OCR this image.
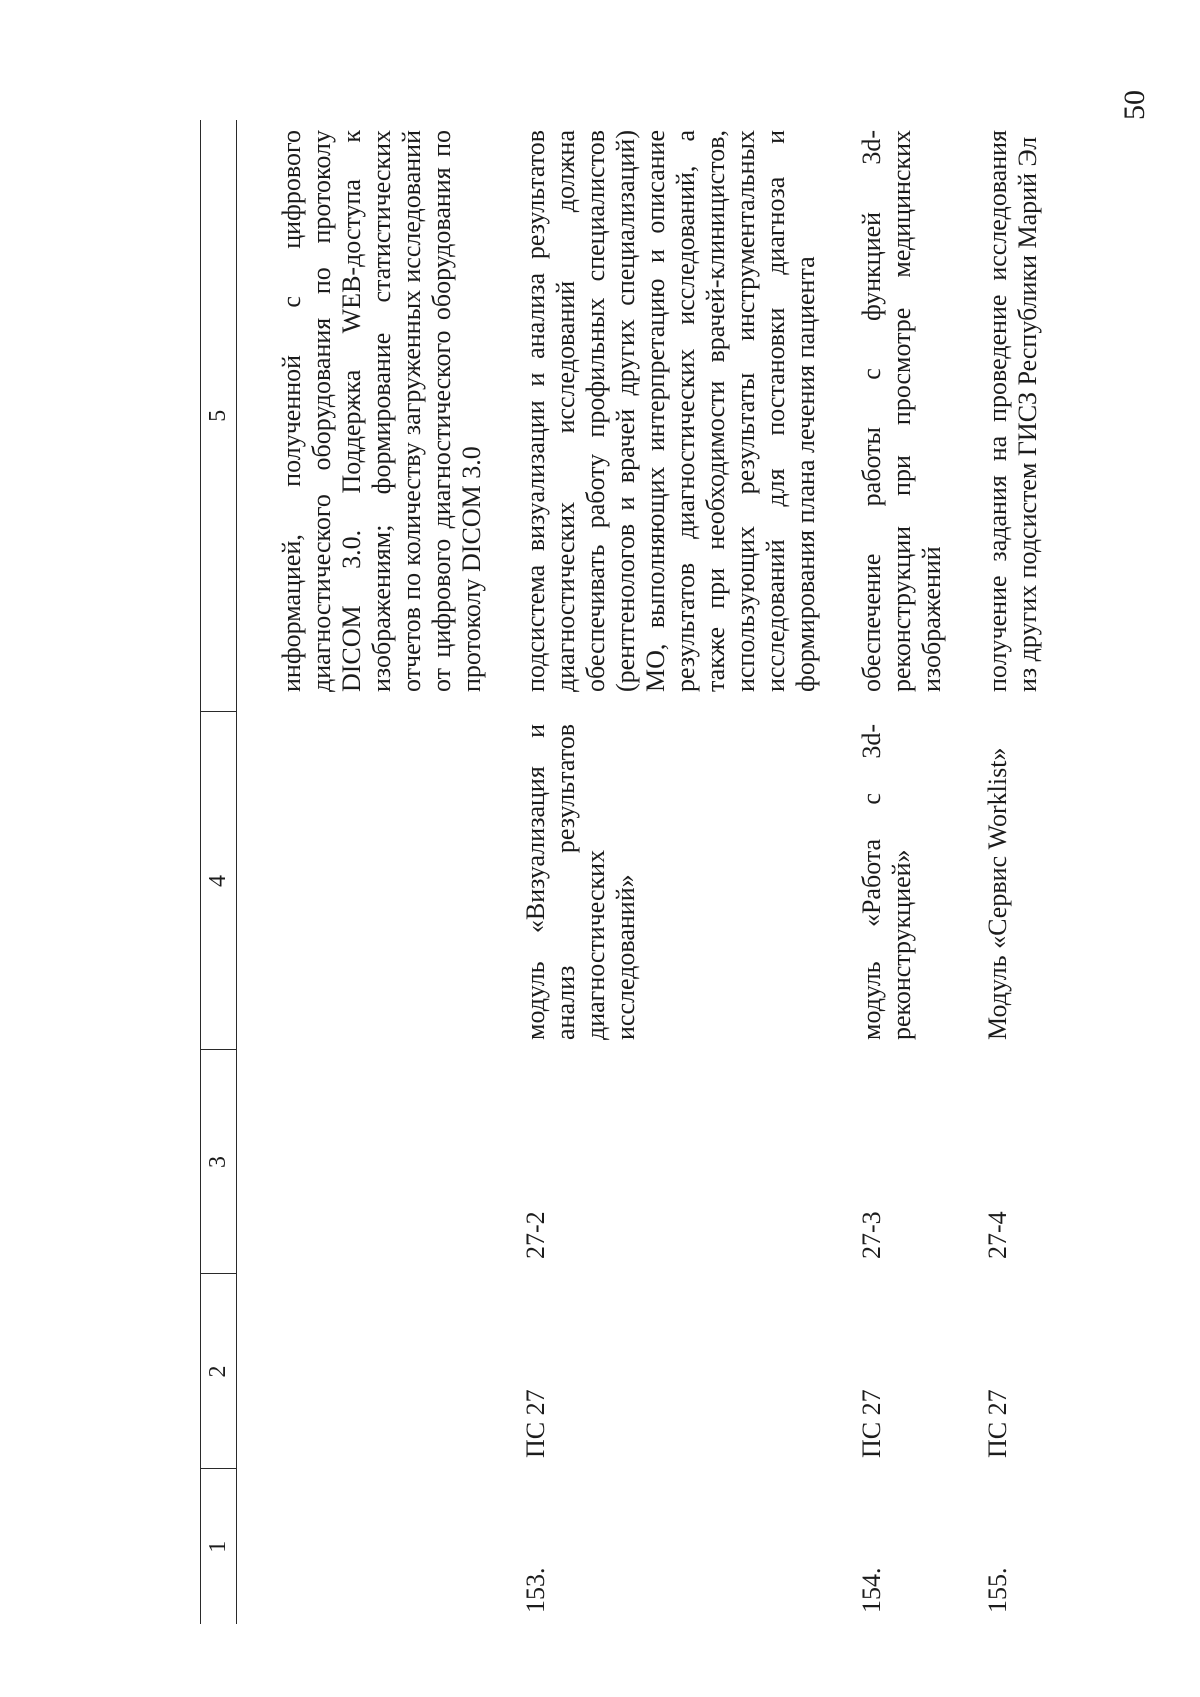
50
1	2	3	4	5
				информацией, полученной с цифрового диагностического оборудования по протоколу DICOM 3.0. Поддержка WEB-доступа к изображениям; формирование статистических отчетов по количеству загруженных исследований от цифрового диагностического оборудования по протоколу DICOM 3.0
153.	ПС 27	27-2	модуль «Визуализация и анализ результатов диагностических исследований»	подсистема визуализации и анализа результатов диагностических исследований должна обеспечивать работу профильных специалистов (рентгенологов и врачей других специализаций) МО, выполняющих интерпретацию и описание результатов диагностических исследований, а также при необходимости врачей-клиницистов, использующих результаты инструментальных исследований для постановки диагноза и формирования плана лечения пациента
154.	ПС 27	27-3	модуль «Работа с 3d-реконструкцией»	обеспечение работы с функцией 3d-реконструкции при просмотре медицинских изображений
155.	ПС 27	27-4	Модуль «Сервис Worklist»	получение задания на проведение исследования из других подсистем ГИСЗ Республики Марий Эл
